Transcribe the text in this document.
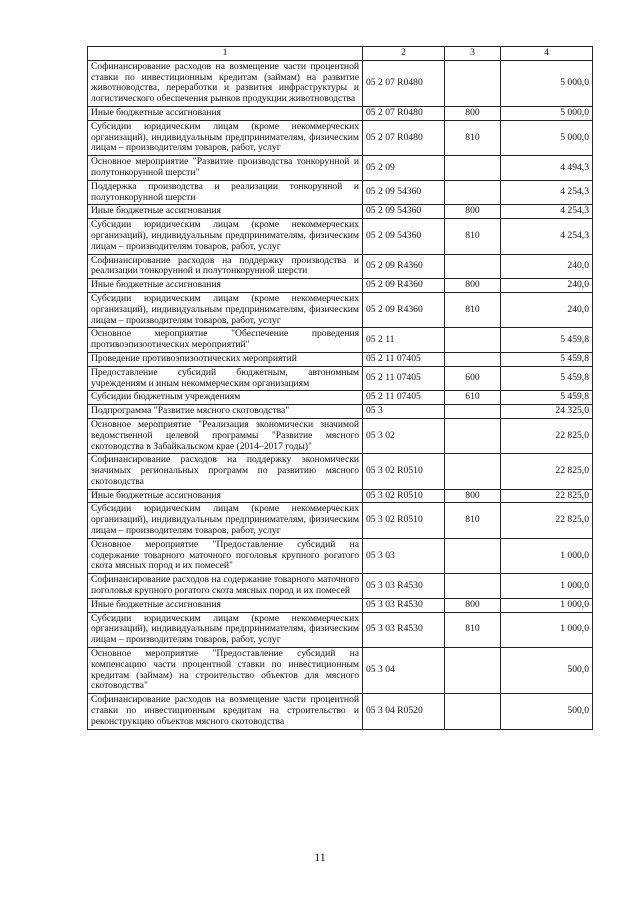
1	2	3	4
Софинансирование расходов на возмещение части процентной ставки по инвестиционным кредитам (займам) на развитие животноводства, переработки и развития инфраструктуры и логистического обеспечения рынков продукции животноводства	05 2 07 R0480		5 000,0
Иные бюджетные ассигнования	05 2 07 R0480	800	5 000,0
Субсидии юридическим лицам (кроме некоммерческих организаций), индивидуальным предпринимателям, физическим лицам – производителям товаров, работ, услуг	05 2 07 R0480	810	5 000,0
Основное мероприятие "Развитие производства тонкорунной и полутонкорунной шерсти"	05 2 09		4 494,3
Поддержка производства и реализации тонкорунной и полутонкорунной шерсти	05 2 09 54360		4 254,3
Иные бюджетные ассигнования	05 2 09 54360	800	4 254,3
Субсидии юридическим лицам (кроме некоммерческих организаций), индивидуальным предпринимателям, физическим лицам – производителям товаров, работ, услуг	05 2 09 54360	810	4 254,3
Софинансирование расходов на поддержку производства и реализации тонкорунной и полутонкорунной шерсти	05 2 09 R4360		240,0
Иные бюджетные ассигнования	05 2 09 R4360	800	240,0
Субсидии юридическим лицам (кроме некоммерческих организаций), индивидуальным предпринимателям, физическим лицам – производителям товаров, работ, услуг	05 2 09 R4360	810	240,0
Основное мероприятие "Обеспечение проведения противоэпизоотических мероприятий"	05 2 11		5 459,8
Проведение противоэпизоотических мероприятий	05 2 11 07405		5 459,8
Предоставление субсидий бюджетным, автономным учреждениям и иным некоммерческим организациям	05 2 11 07405	600	5 459,8
Субсидии бюджетным учреждениям	05 2 11 07405	610	5 459,8
Подпрограмма "Развитие мясного скотоводства"	05 3		24 325,0
Основное мероприятие "Реализация экономически значимой ведомственной целевой программы "Развитие мясного скотоводства в Забайкальском крае (2014–2017 годы)"	05 3 02		22 825,0
Софинансирование расходов на поддержку экономически значимых региональных программ по развитию мясного скотоводства	05 3 02 R0510		22 825,0
Иные бюджетные ассигнования	05 3 02 R0510	800	22 825,0
Субсидии юридическим лицам (кроме некоммерческих организаций), индивидуальным предпринимателям, физическим лицам – производителям товаров, работ, услуг	05 3 02 R0510	810	22 825,0
Основное мероприятие "Предоставление субсидий на содержание товарного маточного поголовья крупного рогатого скота мясных пород и их помесей"	05 3 03		1 000,0
Софинансирование расходов на содержание товарного маточного поголовья крупного рогатого скота мясных пород и их помесей	05 3 03 R4530		1 000,0
Иные бюджетные ассигнования	05 3 03 R4530	800	1 000,0
Субсидии юридическим лицам (кроме некоммерческих организаций), индивидуальным предпринимателям, физическим лицам – производителям товаров, работ, услуг	05 3 03 R4530	810	1 000,0
Основное мероприятие "Предоставление субсидий на компенсацию части процентной ставки по инвестиционным кредитам (займам) на строительство объектов для мясного скотоводства"	05 3 04		500,0
Софинансирование расходов на возмещение части процентной ставки по инвестиционным кредитам на строительство и реконструкцию объектов мясного скотоводства	05 3 04 R0520		500,0
11
